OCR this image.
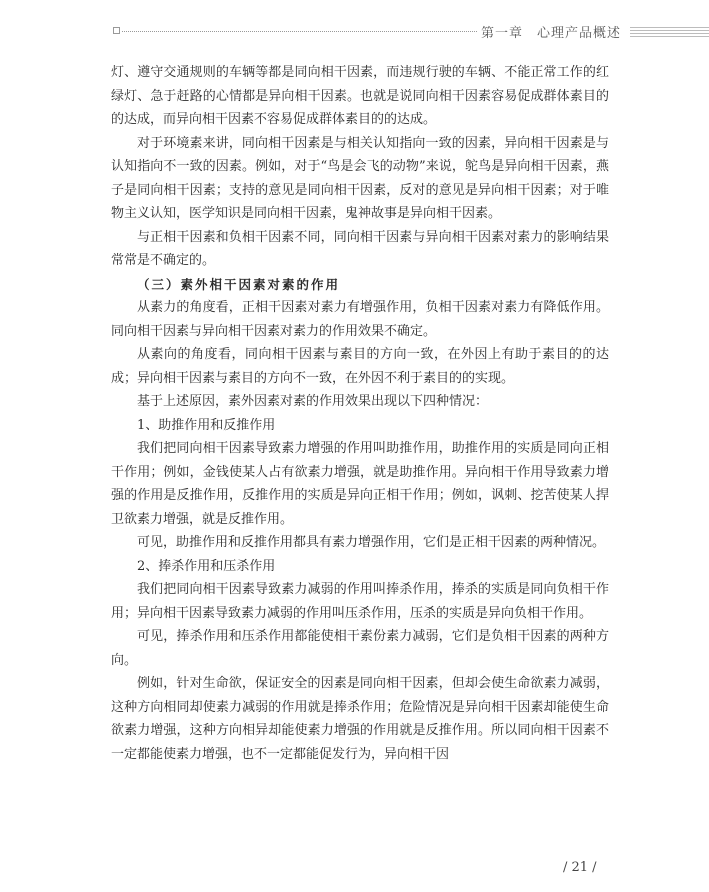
第一章　心理产品概述

灯、遵守交通规则的车辆等都是同向相干因素，而违规行驶的车辆、不能正常工作的红绿灯、急于赶路的心情都是异向相干因素。也就是说同向相干因素容易促成群体素目的的达成，而异向相干因素不容易促成群体素目的的达成。

对于环境素来讲，同向相干因素是与相关认知指向一致的因素，异向相干因素是与认知指向不一致的因素。例如，对于“鸟是会飞的动物”来说，鸵鸟是异向相干因素，燕子是同向相干因素；支持的意见是同向相干因素，反对的意见是异向相干因素；对于唯物主义认知，医学知识是同向相干因素，鬼神故事是异向相干因素。

与正相干因素和负相干因素不同，同向相干因素与异向相干因素对素力的影响结果常常是不确定的。

（三）素外相干因素对素的作用

从素力的角度看，正相干因素对素力有增强作用，负相干因素对素力有降低作用。同向相干因素与异向相干因素对素力的作用效果不确定。

从素向的角度看，同向相干因素与素目的方向一致，在外因上有助于素目的的达成；异向相干因素与素目的方向不一致，在外因不利于素目的的实现。

基于上述原因，素外因素对素的作用效果出现以下四种情况：

1、助推作用和反推作用

我们把同向相干因素导致素力增强的作用叫助推作用，助推作用的实质是同向正相干作用；例如，金钱使某人占有欲素力增强，就是助推作用。异向相干作用导致素力增强的作用是反推作用，反推作用的实质是异向正相干作用；例如，讽刺、挖苦使某人捍卫欲素力增强，就是反推作用。

可见，助推作用和反推作用都具有素力增强作用，它们是正相干因素的两种情况。

2、捧杀作用和压杀作用

我们把同向相干因素导致素力减弱的作用叫捧杀作用，捧杀的实质是同向负相干作用；异向相干因素导致素力减弱的作用叫压杀作用，压杀的实质是异向负相干作用。

可见，捧杀作用和压杀作用都能使相干素份素力减弱，它们是负相干因素的两种方向。

例如，针对生命欲，保证安全的因素是同向相干因素，但却会使生命欲素力减弱，这种方向相同却使素力减弱的作用就是捧杀作用；危险情况是异向相干因素却能使生命欲素力增强，这种方向相异却能使素力增强的作用就是反推作用。所以同向相干因素不一定都能使素力增强，也不一定都能促发行为，异向相干因

/ 21 /
